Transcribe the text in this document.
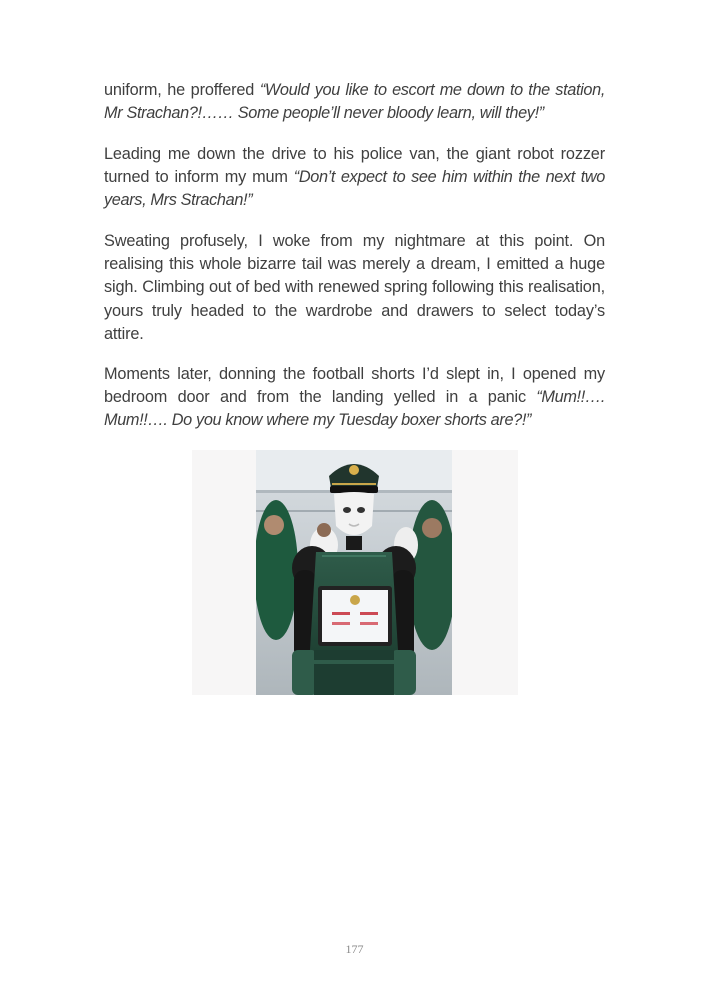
uniform, he proffered “Would you like to escort me down to the station, Mr Strachan?!…… Some people’ll never bloody learn, will they!”

Leading me down the drive to his police van, the giant robot rozzer turned to inform my mum “Don’t expect to see him within the next two years, Mrs Strachan!”

Sweating profusely, I woke from my nightmare at this point. On realising this whole bizarre tail was merely a dream, I emitted a huge sigh. Climbing out of bed with renewed spring following this realisation, yours truly headed to the wardrobe and drawers to select today’s attire.

Moments later, donning the football shorts I’d slept in, I opened my bedroom door and from the landing yelled in a panic “Mum!!…. Mum!!…. Do you know where my Tuesday boxer shorts are?!”

177
